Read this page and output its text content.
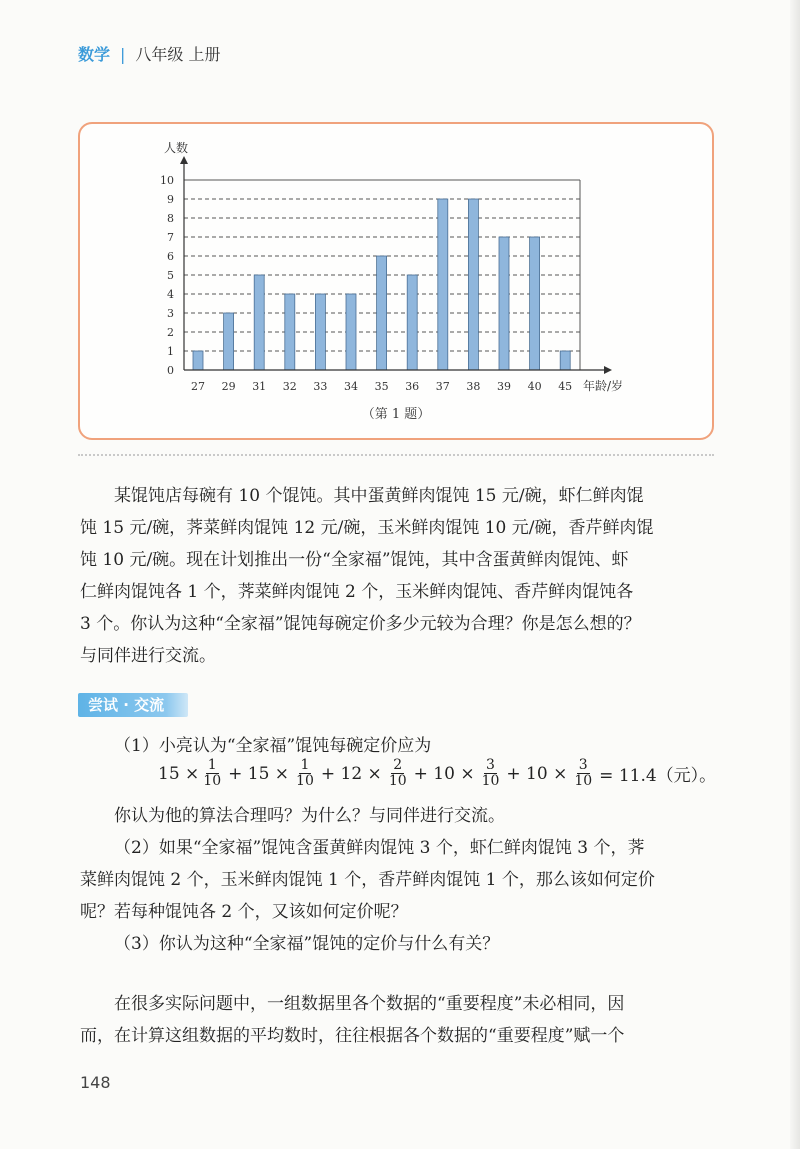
数学 | 八年级 上册
0
1
2
3
4
5
6
7
8
9
10
27 29 31 32 33 34 35 36 37 38 39 40 45
人数
年龄/岁
（第 1 题）

某馄饨店每碗有 10 个馄饨。其中蛋黄鲜肉馄饨 15 元/碗，虾仁鲜肉馄

饨 15 元/碗，荠菜鲜肉馄饨 12 元/碗，玉米鲜肉馄饨 10 元/碗，香芹鲜肉馄

饨 10 元/碗。现在计划推出一份“全家福”馄饨，其中含蛋黄鲜肉馄饨、虾

仁鲜肉馄饨各 1 个，荠菜鲜肉馄饨 2 个，玉米鲜肉馄饨、香芹鲜肉馄饨各

3 个。你认为这种“全家福”馄饨每碗定价多少元较为合理？你是怎么想的？

与同伴进行交流。

尝试 · 交流

（1）小亮认为“全家福”馄饨每碗定价应为

$15 \times \frac{1}{10} + 15 \times \frac{1}{10} + 12 \times \frac{2}{10} + 10 \times \frac{3}{10} + 10 \times \frac{3}{10} = 11.4$（元）。

你认为他的算法合理吗？为什么？与同伴进行交流。

（2）如果“全家福”馄饨含蛋黄鲜肉馄饨 3 个，虾仁鲜肉馄饨 3 个，荠

菜鲜肉馄饨 2 个，玉米鲜肉馄饨 1 个，香芹鲜肉馄饨 1 个，那么该如何定价

呢？若每种馄饨各 2 个，又该如何定价呢？

（3）你认为这种“全家福”馄饨的定价与什么有关？

在很多实际问题中，一组数据里各个数据的“重要程度”未必相同，因

而，在计算这组数据的平均数时，往往根据各个数据的“重要程度”赋一个

148
